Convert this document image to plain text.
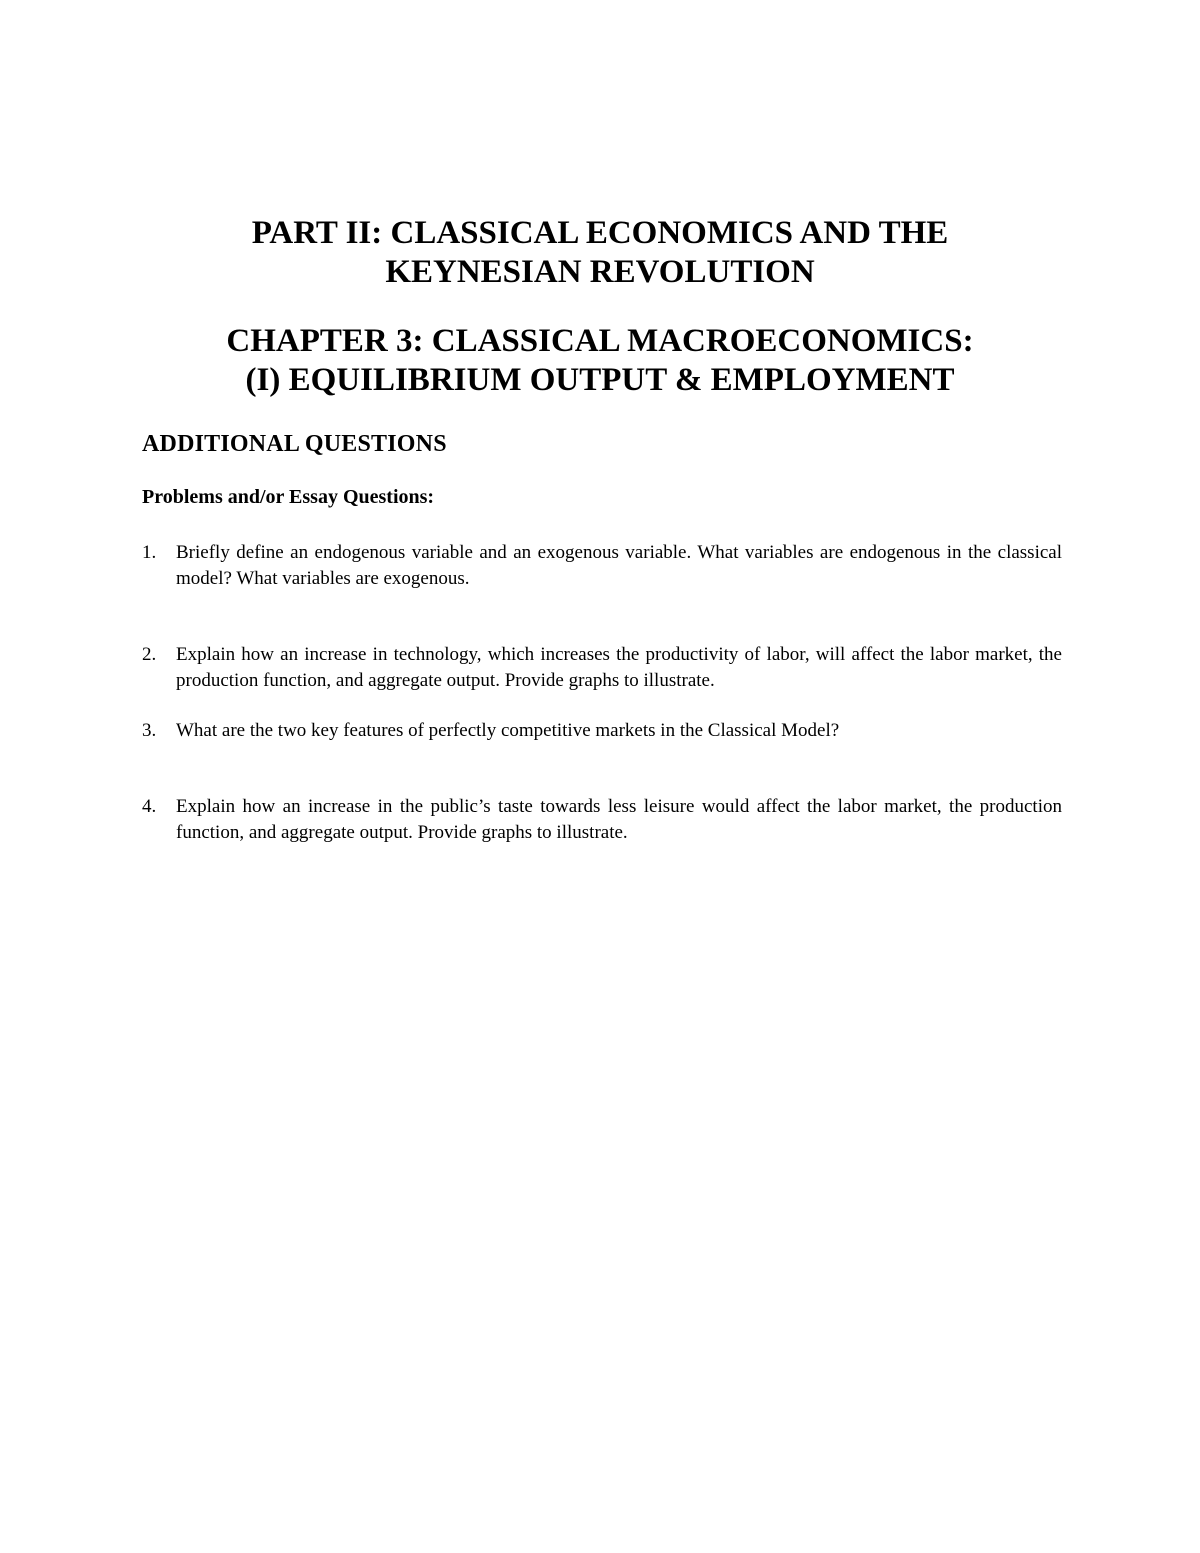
PART II: CLASSICAL ECONOMICS AND THE
KEYNESIAN REVOLUTION
CHAPTER 3: CLASSICAL MACROECONOMICS:
(I) EQUILIBRIUM OUTPUT & EMPLOYMENT
ADDITIONAL QUESTIONS
Problems and/or Essay Questions:
1.	Briefly define an endogenous variable and an exogenous variable. What variables are endogenous in the classical model? What variables are exogenous.
2.	Explain how an increase in technology, which increases the productivity of labor, will affect the labor market, the production function, and aggregate output. Provide graphs to illustrate.
3.	What are the two key features of perfectly competitive markets in the Classical Model?
4.	Explain how an increase in the public’s taste towards less leisure would affect the labor market, the production function, and aggregate output. Provide graphs to illustrate.
